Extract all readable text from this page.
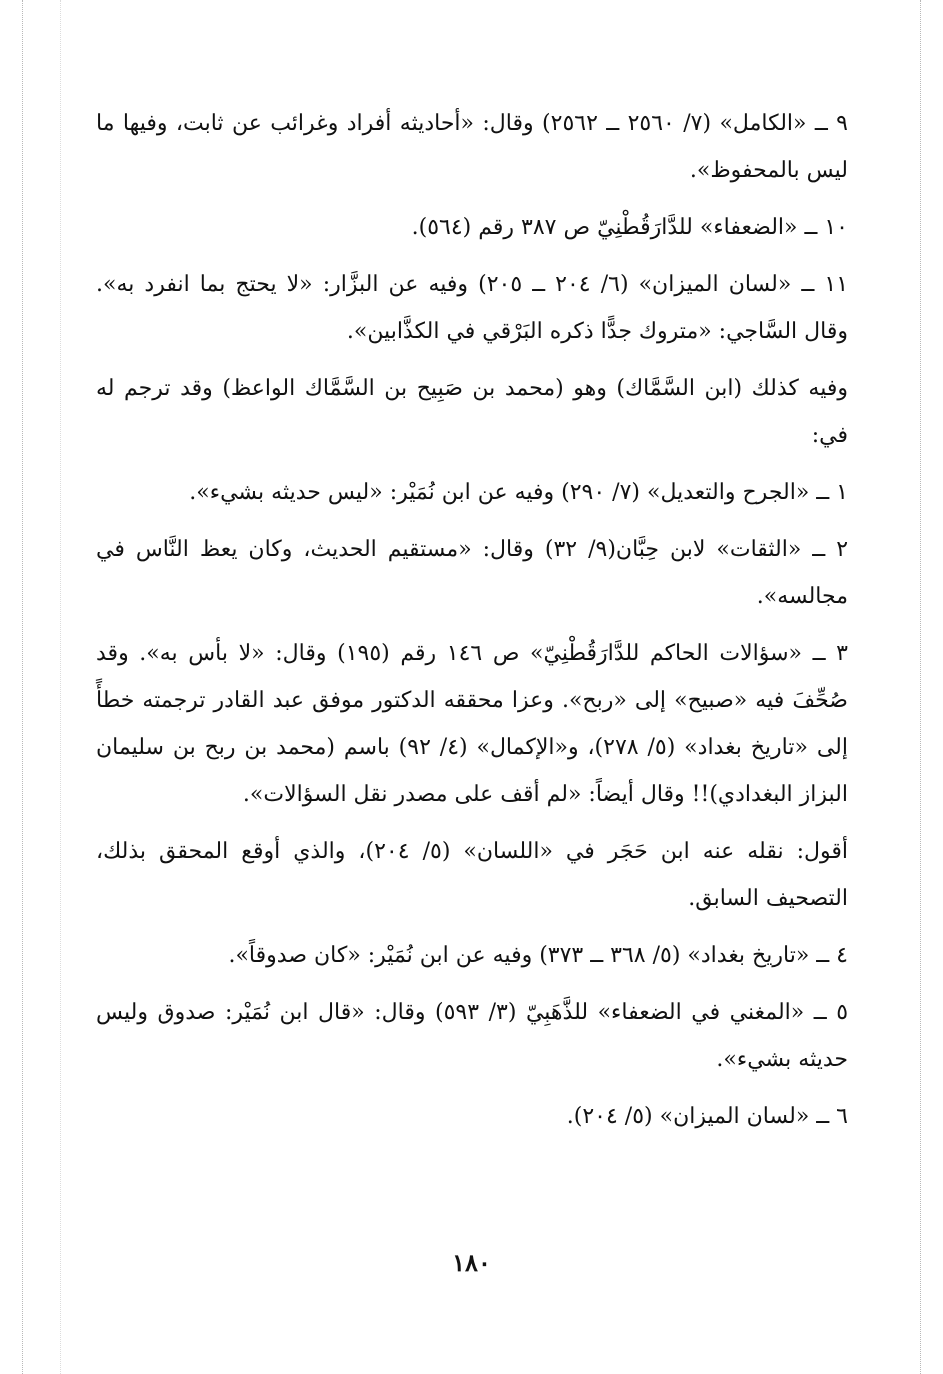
٩ ــ «الكامل» (٧/ ٢٥٦٠ ــ ٢٥٦٢) وقال: «أحاديثه أفراد وغرائب عن ثابت، وفيها ما ليس بالمحفوظ».

١٠ ــ «الضعفاء» للدَّارَقُطْنِيّ ص ٣٨٧ رقم (٥٦٤).

١١ ــ «لسان الميزان» (٦/ ٢٠٤ ــ ٢٠٥) وفيه عن البزَّار: «لا يحتج بما انفرد به». وقال السَّاجي: «متروك جدًّا ذكره البَرْقي في الكذَّابين».

وفيه كذلك (ابن السَّمَّاك) وهو (محمد بن صَبِيح بن السَّمَّاك الواعظ) وقد ترجم له في:

١ ــ «الجرح والتعديل» (٧/ ٢٩٠) وفيه عن ابن نُمَيْر: «ليس حديثه بشيء».

٢ ــ «الثقات» لابن حِبَّان(٩/ ٣٢) وقال: «مستقيم الحديث، وكان يعظ النَّاس في مجالسه».

٣ ــ «سؤالات الحاكم للدَّارَقُطْنِيّ» ص ١٤٦ رقم (١٩٥) وقال: «لا بأس به». وقد صُحِّفَ فيه «صبيح» إلى «ربح». وعزا محققه الدكتور موفق عبد القادر ترجمته خطأً إلى «تاريخ بغداد» (٥/ ٢٧٨)، و«الإكمال» (٤/ ٩٢) باسم (محمد بن ربح بن سليمان البزاز البغدادي)!! وقال أيضاً: «لم أقف على مصدر نقل السؤالات».

أقول: نقله عنه ابن حَجَر في «اللسان» (٥/ ٢٠٤)، والذي أوقع المحقق بذلك، التصحيف السابق.

٤ ــ «تاريخ بغداد» (٥/ ٣٦٨ ــ ٣٧٣) وفيه عن ابن نُمَيْر: «كان صدوقاً».

٥ ــ «المغني في الضعفاء» للذَّهَبِيّ (٣/ ٥٩٣) وقال: «قال ابن نُمَيْر: صدوق وليس حديثه بشيء».

٦ ــ «لسان الميزان» (٥/ ٢٠٤).

١٨٠
